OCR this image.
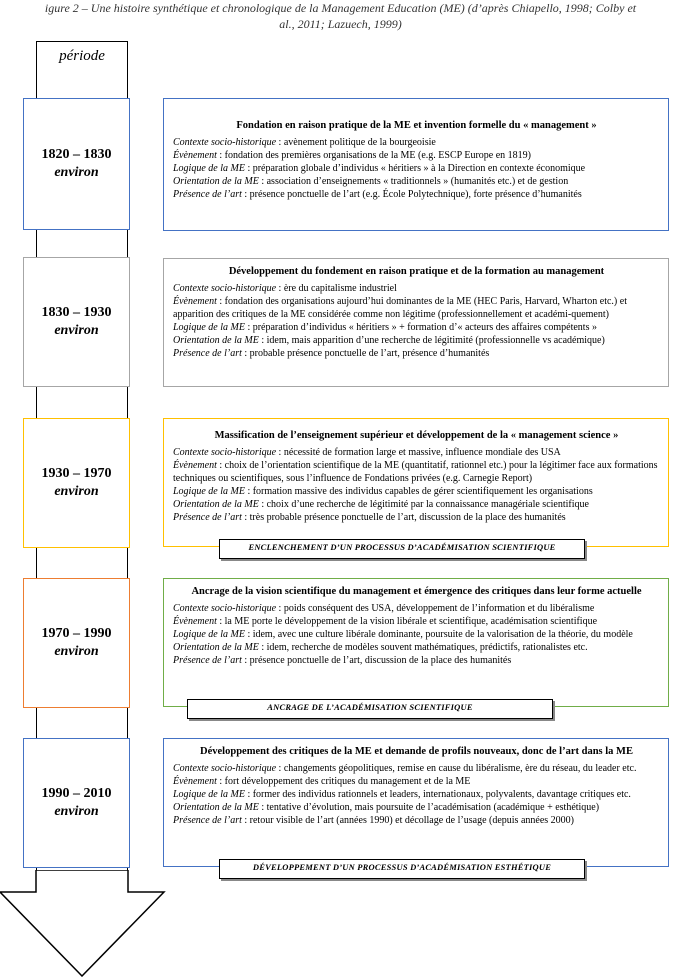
igure 2 – Une histoire synthétique et chronologique de la Management Education (ME) (d’après Chiapello, 1998; Colby et
al., 2011; Lazuech, 1999)
période
1820 – 1830
environ
1830 – 1930
environ
1930 – 1970
environ
1970 – 1990
environ
1990 – 2010
environ
Fondation en raison pratique de la ME et invention formelle du « management »

Contexte socio-historique : avènement politique de la bourgeoisie

Évènement : fondation des premières organisations de la ME (e.g. ESCP Europe en 1819)

Logique de la ME : préparation globale d’individus « héritiers » à la Direction en contexte économique

Orientation de la ME : association d’enseignements « traditionnels » (humanités etc.) et de gestion

Présence de l’art : présence ponctuelle de l’art (e.g. École Polytechnique), forte présence d’humanités

Développement du fondement en raison pratique et de la formation au management

Contexte socio-historique : ère du capitalisme industriel

Évènement : fondation des organisations aujourd’hui dominantes de la ME (HEC Paris, Harvard, Wharton etc.) et apparition des critiques de la ME considérée comme non légitime (professionnellement et académi-quement)

Logique de la ME : préparation d’individus « héritiers » + formation d’« acteurs des affaires compétents »

Orientation de la ME : idem, mais apparition d’une recherche de légitimité (professionnelle vs académique)

Présence de l’art : probable présence ponctuelle de l’art, présence d’humanités

Massification de l’enseignement supérieur et développement de la « management science »

Contexte socio-historique : nécessité de formation large et massive, influence mondiale des USA

Évènement : choix de l’orientation scientifique de la ME (quantitatif, rationnel etc.) pour la légitimer face aux formations techniques ou scientifiques, sous l’influence de Fondations privées (e.g. Carnegie Report)

Logique de la ME : formation massive des individus capables de gérer scientifiquement les organisations

Orientation de la ME : choix d’une recherche de légitimité par la connaissance managériale scientifique

Présence de l’art : très probable présence ponctuelle de l’art, discussion de la place des humanités

Ancrage de la vision scientifique du management et émergence des critiques dans leur forme actuelle

Contexte socio-historique : poids conséquent des USA, développement de l’information et du libéralisme

Évènement : la ME porte le développement de la vision libérale et scientifique, académisation scientifique

Logique de la ME : idem, avec une culture libérale dominante, poursuite de la valorisation de la théorie, du modèle

Orientation de la ME : idem, recherche de modèles souvent mathématiques, prédictifs, rationalistes etc.

Présence de l’art : présence ponctuelle de l’art, discussion de la place des humanités

Développement des critiques de la ME et demande de profils nouveaux, donc de l’art dans la ME

Contexte socio-historique : changements géopolitiques, remise en cause du libéralisme, ère du réseau, du leader etc.

Évènement : fort développement des critiques du management et de la ME

Logique de la ME : former des individus rationnels et leaders, internationaux, polyvalents, davantage critiques etc.

Orientation de la ME : tentative d’évolution, mais poursuite de l’académisation (académique + esthétique)

Présence de l’art : retour visible de l’art (années 1990) et décollage de l’usage (depuis années 2000)

ENCLENCHEMENT D’UN PROCESSUS D’ACADÉMISATION SCIENTIFIQUE
ANCRAGE DE L’ACADÉMISATION SCIENTIFIQUE
DÉVELOPPEMENT D’UN PROCESSUS D’ACADÉMISATION ESTHÉTIQUE
